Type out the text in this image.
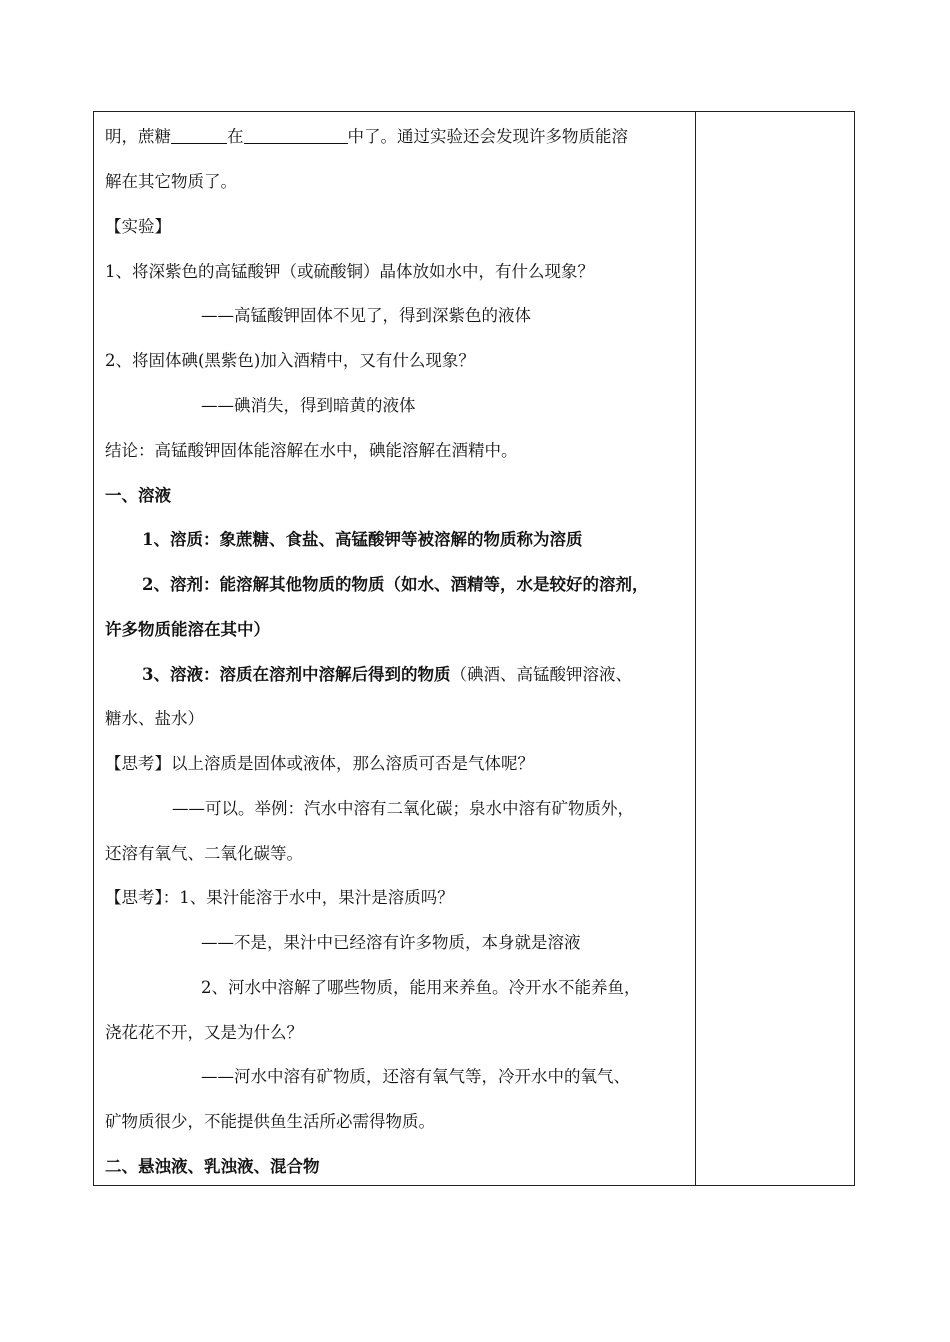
明，蔗糖	在	中了。通过实验还会发现许多物质能溶
解在其它物质了。
【实验】
1、将深紫色的高锰酸钾（或硫酸铜）晶体放如水中，有什么现象？
——高锰酸钾固体不见了，得到深紫色的液体
2、将固体碘(黑紫色)加入酒精中，又有什么现象？
——碘消失，得到暗黄的液体
结论：高锰酸钾固体能溶解在水中，碘能溶解在酒精中。
一、溶液
1、溶质：象蔗糖、食盐、高锰酸钾等被溶解的物质称为溶质
2、溶剂：能溶解其他物质的物质（如水、酒精等，水是较好的溶剂，
许多物质能溶在其中）
3、溶液：溶质在溶剂中溶解后得到的物质（碘酒、高锰酸钾溶液、
糖水、盐水）
【思考】以上溶质是固体或液体，那么溶质可否是气体呢？
——可以。举例：汽水中溶有二氧化碳；泉水中溶有矿物质外，
还溶有氧气、二氧化碳等。
【思考】：1、果汁能溶于水中，果汁是溶质吗？
——不是，果汁中已经溶有许多物质，本身就是溶液
2、河水中溶解了哪些物质，能用来养鱼。冷开水不能养鱼，
浇花花不开，又是为什么？
——河水中溶有矿物质，还溶有氧气等，冷开水中的氧气、
矿物质很少，不能提供鱼生活所必需得物质。
二、悬浊液、乳浊液、混合物
